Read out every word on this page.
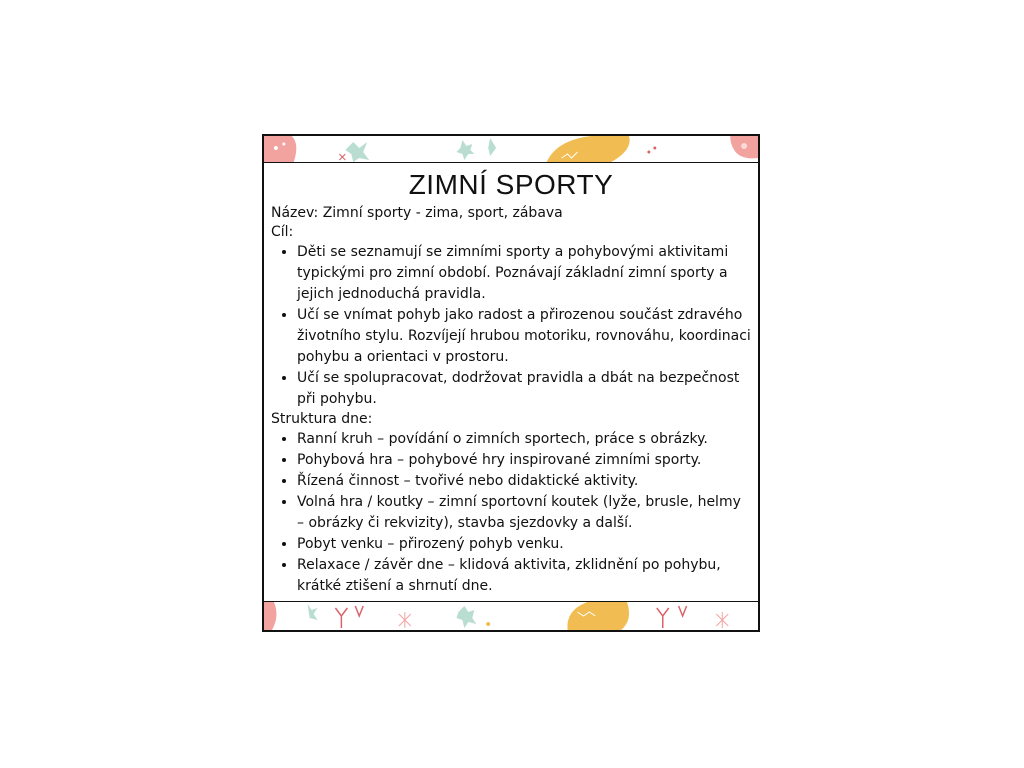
ZIMNÍ SPORTY

Název: Zimní sporty - zima, sport, zábava

Cíl:

• Děti se seznamují se zimními sporty a pohybovými aktivitami typickými pro zimní období. Poznávají základní zimní sporty a jejich jednoduchá pravidla.
• Učí se vnímat pohyb jako radost a přirozenou součást zdravého životního stylu. Rozvíjejí hrubou motoriku, rovnováhu, koordinaci pohybu a orientaci v prostoru.
• Učí se spolupracovat, dodržovat pravidla a dbát na bezpečnost při pohybu.

Struktura dne:

• Ranní kruh – povídání o zimních sportech, práce s obrázky.
• Pohybová hra – pohybové hry inspirované zimními sporty.
• Řízená činnost – tvořivé nebo didaktické aktivity.
• Volná hra / koutky – zimní sportovní koutek (lyže, brusle, helmy – obrázky či rekvizity), stavba sjezdovky a další.
• Pobyt venku – přirozený pohyb venku.
• Relaxace / závěr dne – klidová aktivita, zklidnění po pohybu, krátké ztišení a shrnutí dne.
